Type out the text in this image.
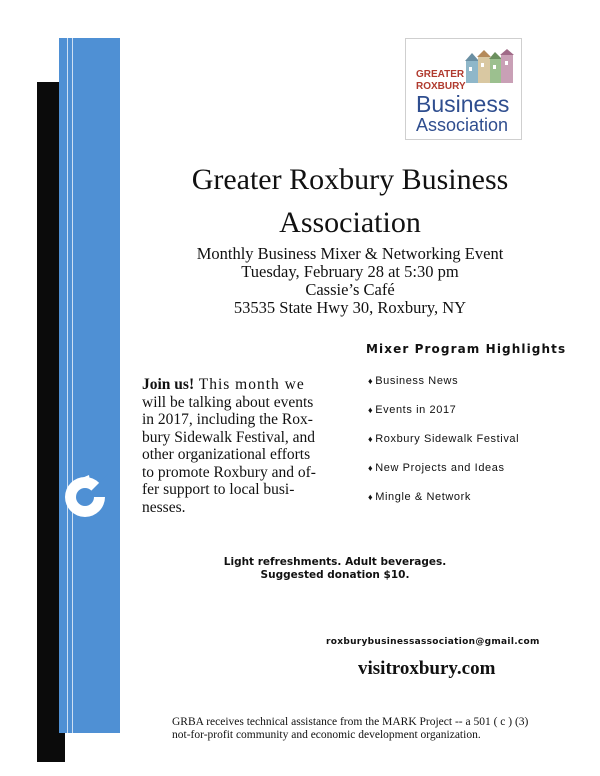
GREATER
ROXBURY
Business
Association
Greater Roxbury Business
Association
Monthly Business Mixer & Networking Event
Tuesday, February 28 at 5:30 pm
Cassie’s Café
53535 State Hwy 30, Roxbury, NY
Mixer Program Highlights
♦ Business News
♦ Events in 2017
♦ Roxbury Sidewalk Festival
♦ New Projects and Ideas
♦ Mingle & Network
Join us! This month we
will be talking about events
in 2017, including the Rox-
bury Sidewalk Festival, and
other organizational efforts
to promote Roxbury and of-
fer support to local busi-
nesses.
Light refreshments. Adult beverages.
Suggested donation $10.
roxburybusinessassociation@gmail.com
visitroxbury.com
GRBA receives technical assistance from the MARK Project -- a 501 ( c ) (3)
not-for-profit community and economic development organization.
